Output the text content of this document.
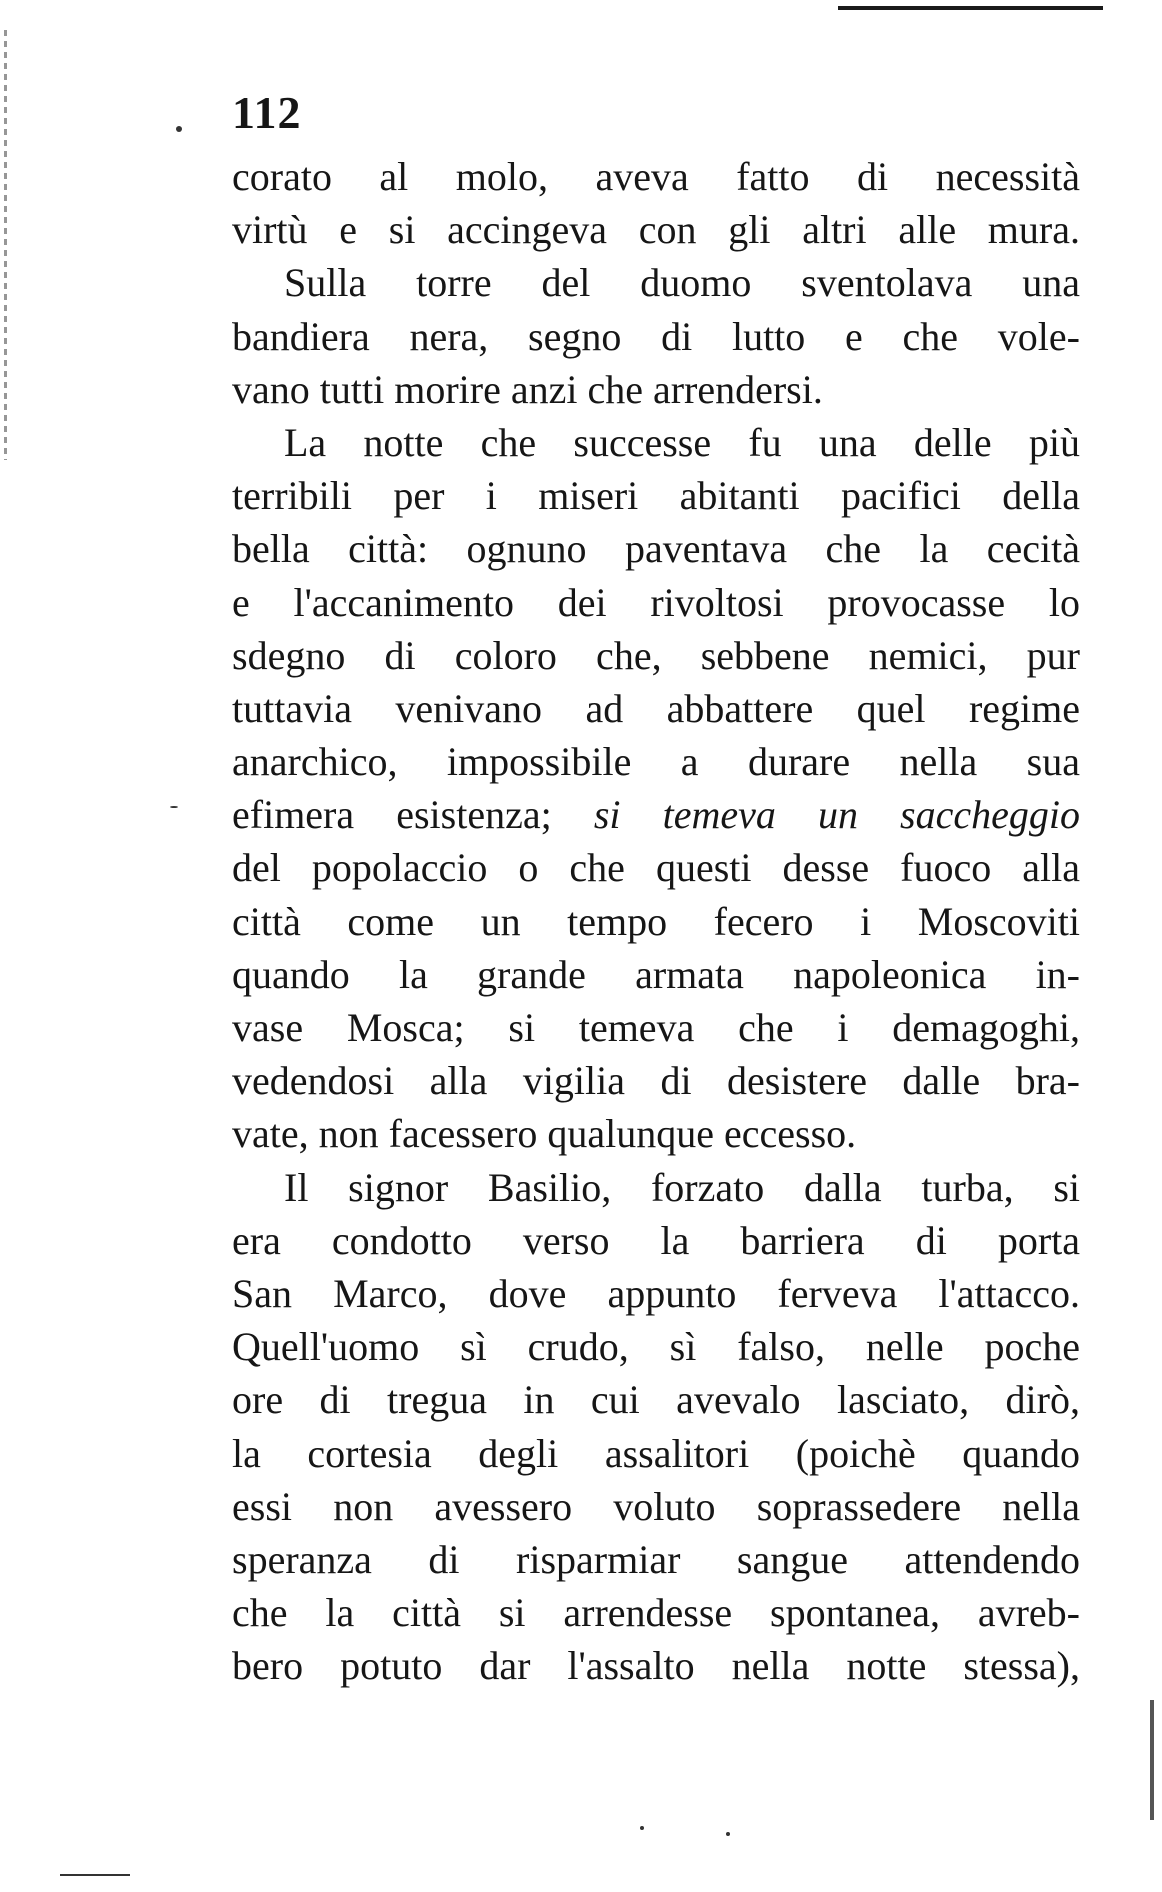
112
corato al molo, aveva fatto di necessità
virtù e si accingeva con gli altri alle mura.
Sulla torre del duomo sventolava una
bandiera nera, segno di lutto e che vole-
vano tutti morire anzi che arrendersi.
La notte che successe fu una delle più
terribili per i miseri abitanti pacifici della
bella città: ognuno paventava che la cecità
e l'accanimento dei rivoltosi provocasse lo
sdegno di coloro che, sebbene nemici, pur
tuttavia venivano ad abbattere quel regime
anarchico, impossibile a durare nella sua
efimera esistenza; si temeva un saccheggio
del popolaccio o che questi desse fuoco alla
città come un tempo fecero i Moscoviti
quando la grande armata napoleonica in-
vase Mosca; si temeva che i demagoghi,
vedendosi alla vigilia di desistere dalle bra-
vate, non facessero qualunque eccesso.
Il signor Basilio, forzato dalla turba, si
era condotto verso la barriera di porta
San Marco, dove appunto ferveva l'attacco.
Quell'uomo sì crudo, sì falso, nelle poche
ore di tregua in cui avevalo lasciato, dirò,
la cortesia degli assalitori (poichè quando
essi non avessero voluto soprassedere nella
speranza di risparmiar sangue attendendo
che la città si arrendesse spontanea, avreb-
bero potuto dar l'assalto nella notte stessa),
